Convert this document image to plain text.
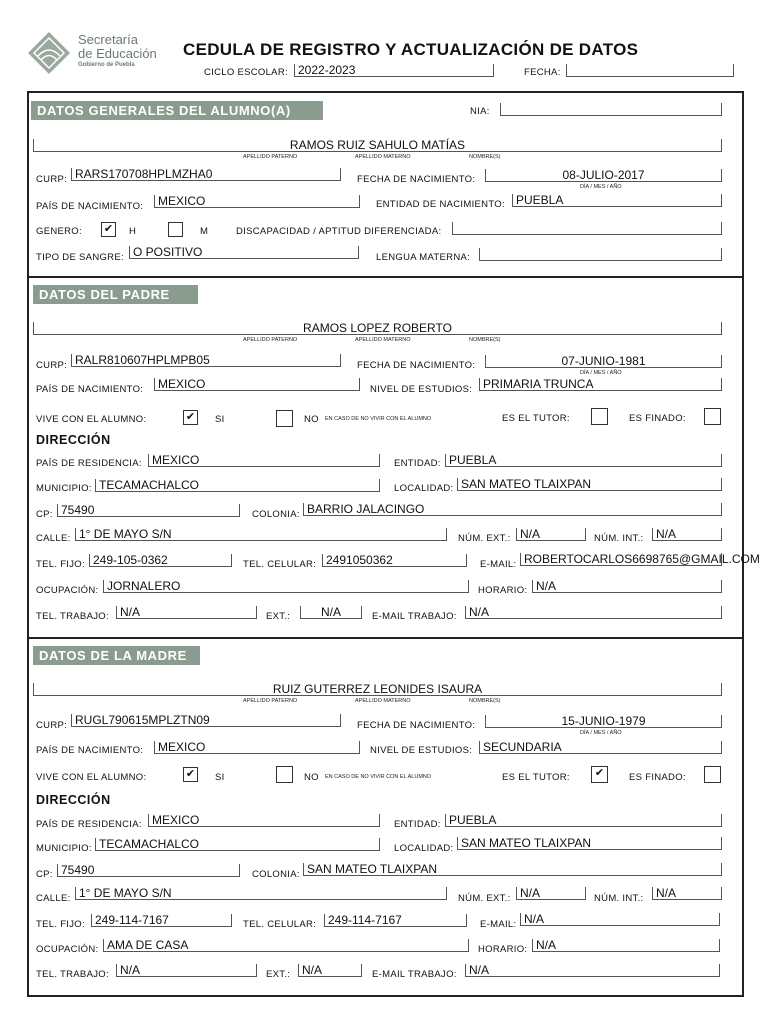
Secretaría
de Educación
Gobierno de Puebla
CEDULA DE REGISTRO Y ACTUALIZACIÓN DE DATOS
CICLO ESCOLAR: 2022-2023	FECHA:
DATOS GENERALES DEL ALUMNO(A)	NIA:
RAMOS RUIZ SAHULO MATÍAS
APELLIDO PATERNO	APELLIDO MATERNO	NOMBRE(S)
CURP: RARS170708HPLMZHA0	FECHA DE NACIMIENTO:	08-JULIO-2017
DÍA / MES / AÑO
PAÍS DE NACIMIENTO:	MEXICO	ENTIDAD DE NACIMIENTO: PUEBLA
GENERO: ✔	H	M	DISCAPACIDAD / APTITUD DIFERENCIADA:
TIPO DE SANGRE: O POSITIVO	LENGUA MATERNA:
DATOS DEL PADRE
RAMOS LOPEZ ROBERTO
APELLIDO PATERNO	APELLIDO MATERNO	NOMBRE(S)
CURP: RALR810607HPLMPB05	FECHA DE NACIMIENTO:	07-JUNIO-1981
DÍA / MES / AÑO
PAÍS DE NACIMIENTO:	MEXICO	NIVEL DE ESTUDIOS: PRIMARIA TRUNCA
VIVE CON EL ALUMNO:	✔	SI	NO EN CASO DE NO VIVIR CON EL ALUMNO	ES EL TUTOR:	ES FINADO:
DIRECCIÓN
PAÍS DE RESIDENCIA: MEXICO	ENTIDAD: PUEBLA
MUNICIPIO: TECAMACHALCO	LOCALIDAD: SAN MATEO TLAIXPAN
CP: 75490	COLONIA: BARRIO JALACINGO
CALLE: 1° DE MAYO S/N	NÚM. EXT.: N/A	NÚM. INT.:	N/A
TEL. FIJO: 249-105-0362	TEL. CELULAR: 2491050362	E-MAIL: ROBERTOCARLOS6698765@GMAIL.COM
OCUPACIÓN: JORNALERO	HORARIO: N/A
TEL. TRABAJO: N/A	EXT.:	N/A	E-MAIL TRABAJO:	N/A
DATOS DE LA MADRE
RUIZ GUTERREZ LEONIDES ISAURA
APELLIDO PATERNO	APELLIDO MATERNO	NOMBRE(S)
CURP: RUGL790615MPLZTN09	FECHA DE NACIMIENTO:	15-JUNIO-1979
DÍA / MES / AÑO
PAÍS DE NACIMIENTO:	MEXICO	NIVEL DE ESTUDIOS: SECUNDARIA
VIVE CON EL ALUMNO:	✔	SI	NO EN CASO DE NO VIVIR CON EL ALUMNO	ES EL TUTOR:	✔	ES FINADO:
DIRECCIÓN
PAÍS DE RESIDENCIA: MEXICO	ENTIDAD: PUEBLA
MUNICIPIO: TECAMACHALCO	LOCALIDAD: SAN MATEO TLAIXPAN
CP: 75490	COLONIA: SAN MATEO TLAIXPAN
CALLE: 1° DE MAYO S/N	NÚM. EXT.: N/A	NÚM. INT.:	N/A
TEL. FIJO: 249-114-7167	TEL. CELULAR: 249-114-7167	E-MAIL: N/A
OCUPACIÓN: AMA DE CASA	HORARIO: N/A
TEL. TRABAJO: N/A	EXT.: N/A	E-MAIL TRABAJO:	N/A
